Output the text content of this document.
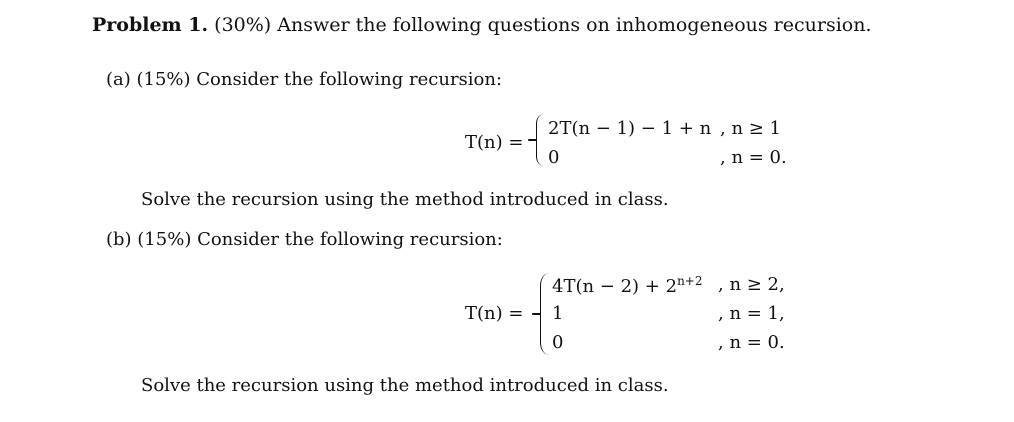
Problem 1. (30%) Answer the following questions on inhomogeneous recursion.
(a) (15%) Consider the following recursion:
T(n) =
2T(n − 1) − 1 + n
0
, n ≥ 1
, n = 0.
Solve the recursion using the method introduced in class.
(b) (15%) Consider the following recursion:
T(n) =
$4T(n - 2) + 2^{n+2}$
1
0
, n ≥ 2,
, n = 1,
, n = 0.
Solve the recursion using the method introduced in class.
